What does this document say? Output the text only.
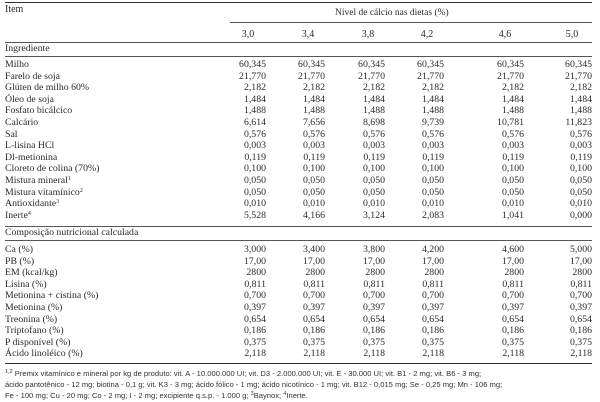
Item	Nível de cálcio nas dietas (%)
3,0	3,4	3,8	4,2	4,6	5,0
Ingrediente
Milho	60,345	60,345	60,345	60,345	60,345	60,345
Farelo de soja	21,770	21,770	21,770	21,770	21,770	21,770
Glúten de milho 60%	2,182	2,182	2,182	2,182	2,182	2,182
Óleo de soja	1,484	1,484	1,484	1,484	1,484	1,484
Fosfato bicálcico	1,488	1,488	1,488	1,488	1,488	1,488
Calcário	6,614	7,656	8,698	9,739	10,781	11,823
Sal	0,576	0,576	0,576	0,576	0,576	0,576
L-lisina HCl	0,003	0,003	0,003	0,003	0,003	0,003
Dl-metionina	0,119	0,119	0,119	0,119	0,119	0,119
Cloreto de colina (70%)	0,100	0,100	0,100	0,100	0,100	0,100
Mistura mineral$^1$	0,050	0,050	0,050	0,050	0,050	0,050
Mistura vitamínico$^2$	0,050	0,050	0,050	0,050	0,050	0,050
Antioxidante$^3$	0,010	0,010	0,010	0,010	0,010	0,010
Inerte$^4$	5,528	4,166	3,124	2,083	1,041	0,000
Composição nutricional calculada
Ca (%)	3,000	3,400	3,800	4,200	4,600	5,000
PB (%)	17,00	17,00	17,00	17,00	17,00	17,00
EM (kcal/kg)	2800	2800	2800	2800	2800	2800
Lisina (%)	0,811	0,811	0,811	0,811	0,811	0,811
Metionina + cistina (%)	0,700	0,700	0,700	0,700	0,700	0,700
Metionina (%)	0,397	0,397	0,397	0,397	0,397	0,397
Treonina (%)	0,654	0,654	0,654	0,654	0,654	0,654
Triptofano (%)	0,186	0,186	0,186	0,186	0,186	0,186
P disponível (%)	0,375	0,375	0,375	0,375	0,375	0,375
Ácido linoléico (%)	2,118	2,118	2,118	2,118	2,118	2,118
$^{1,2}$ Premix vitamínico e mineral por kg de produto: vit. A - 10.000.000 UI; vit. D3 - 2.000.000 UI; vit. E - 30.000 UI; vit. B1 - 2 mg; vit. B6 - 3 mg;
ácido pantotênico - 12 mg; biotina - 0,1 g; vit. K3 - 3 mg; ácido fólico - 1 mg; ácido nicotínico - 1 mg; vit. B12 - 0,015 mg; Se - 0,25 mg; Mn - 106 mg;
Fe - 100 mg; Cu - 20 mg; Co - 2 mg; I - 2 mg; excipiente q.s.p. - 1.000 g; $^3$Baynox; $^4$Inerte.
